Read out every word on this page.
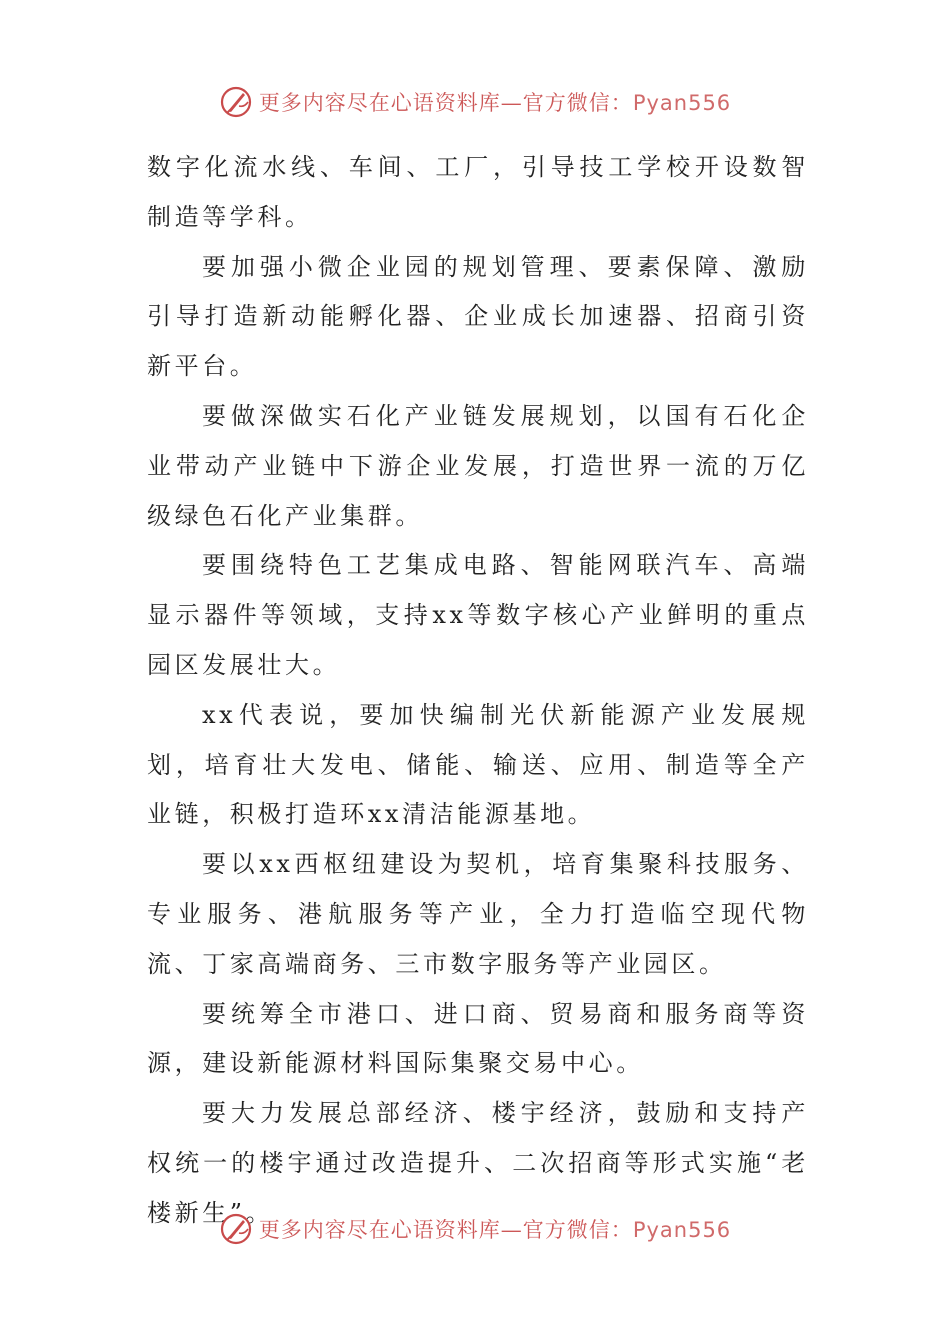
更多内容尽在心语资料库—官方微信：Pyan556

数字化流水线、车间、工厂，引导技工学校开设数智制造等学科。

要加强小微企业园的规划管理、要素保障、激励引导打造新动能孵化器、企业成长加速器、招商引资新平台。

要做深做实石化产业链发展规划，以国有石化企业带动产业链中下游企业发展，打造世界一流的万亿级绿色石化产业集群。

要围绕特色工艺集成电路、智能网联汽车、高端显示器件等领域，支持xx等数字核心产业鲜明的重点园区发展壮大。

xx代表说，要加快编制光伏新能源产业发展规划，培育壮大发电、储能、输送、应用、制造等全产业链，积极打造环xx清洁能源基地。

要以xx西枢纽建设为契机，培育集聚科技服务、专业服务、港航服务等产业，全力打造临空现代物流、丁家高端商务、三市数字服务等产业园区。

要统筹全市港口、进口商、贸易商和服务商等资源，建设新能源材料国际集聚交易中心。

要大力发展总部经济、楼宇经济，鼓励和支持产权统一的楼宇通过改造提升、二次招商等形式实施“老楼新生”。

更多内容尽在心语资料库—官方微信：Pyan556
